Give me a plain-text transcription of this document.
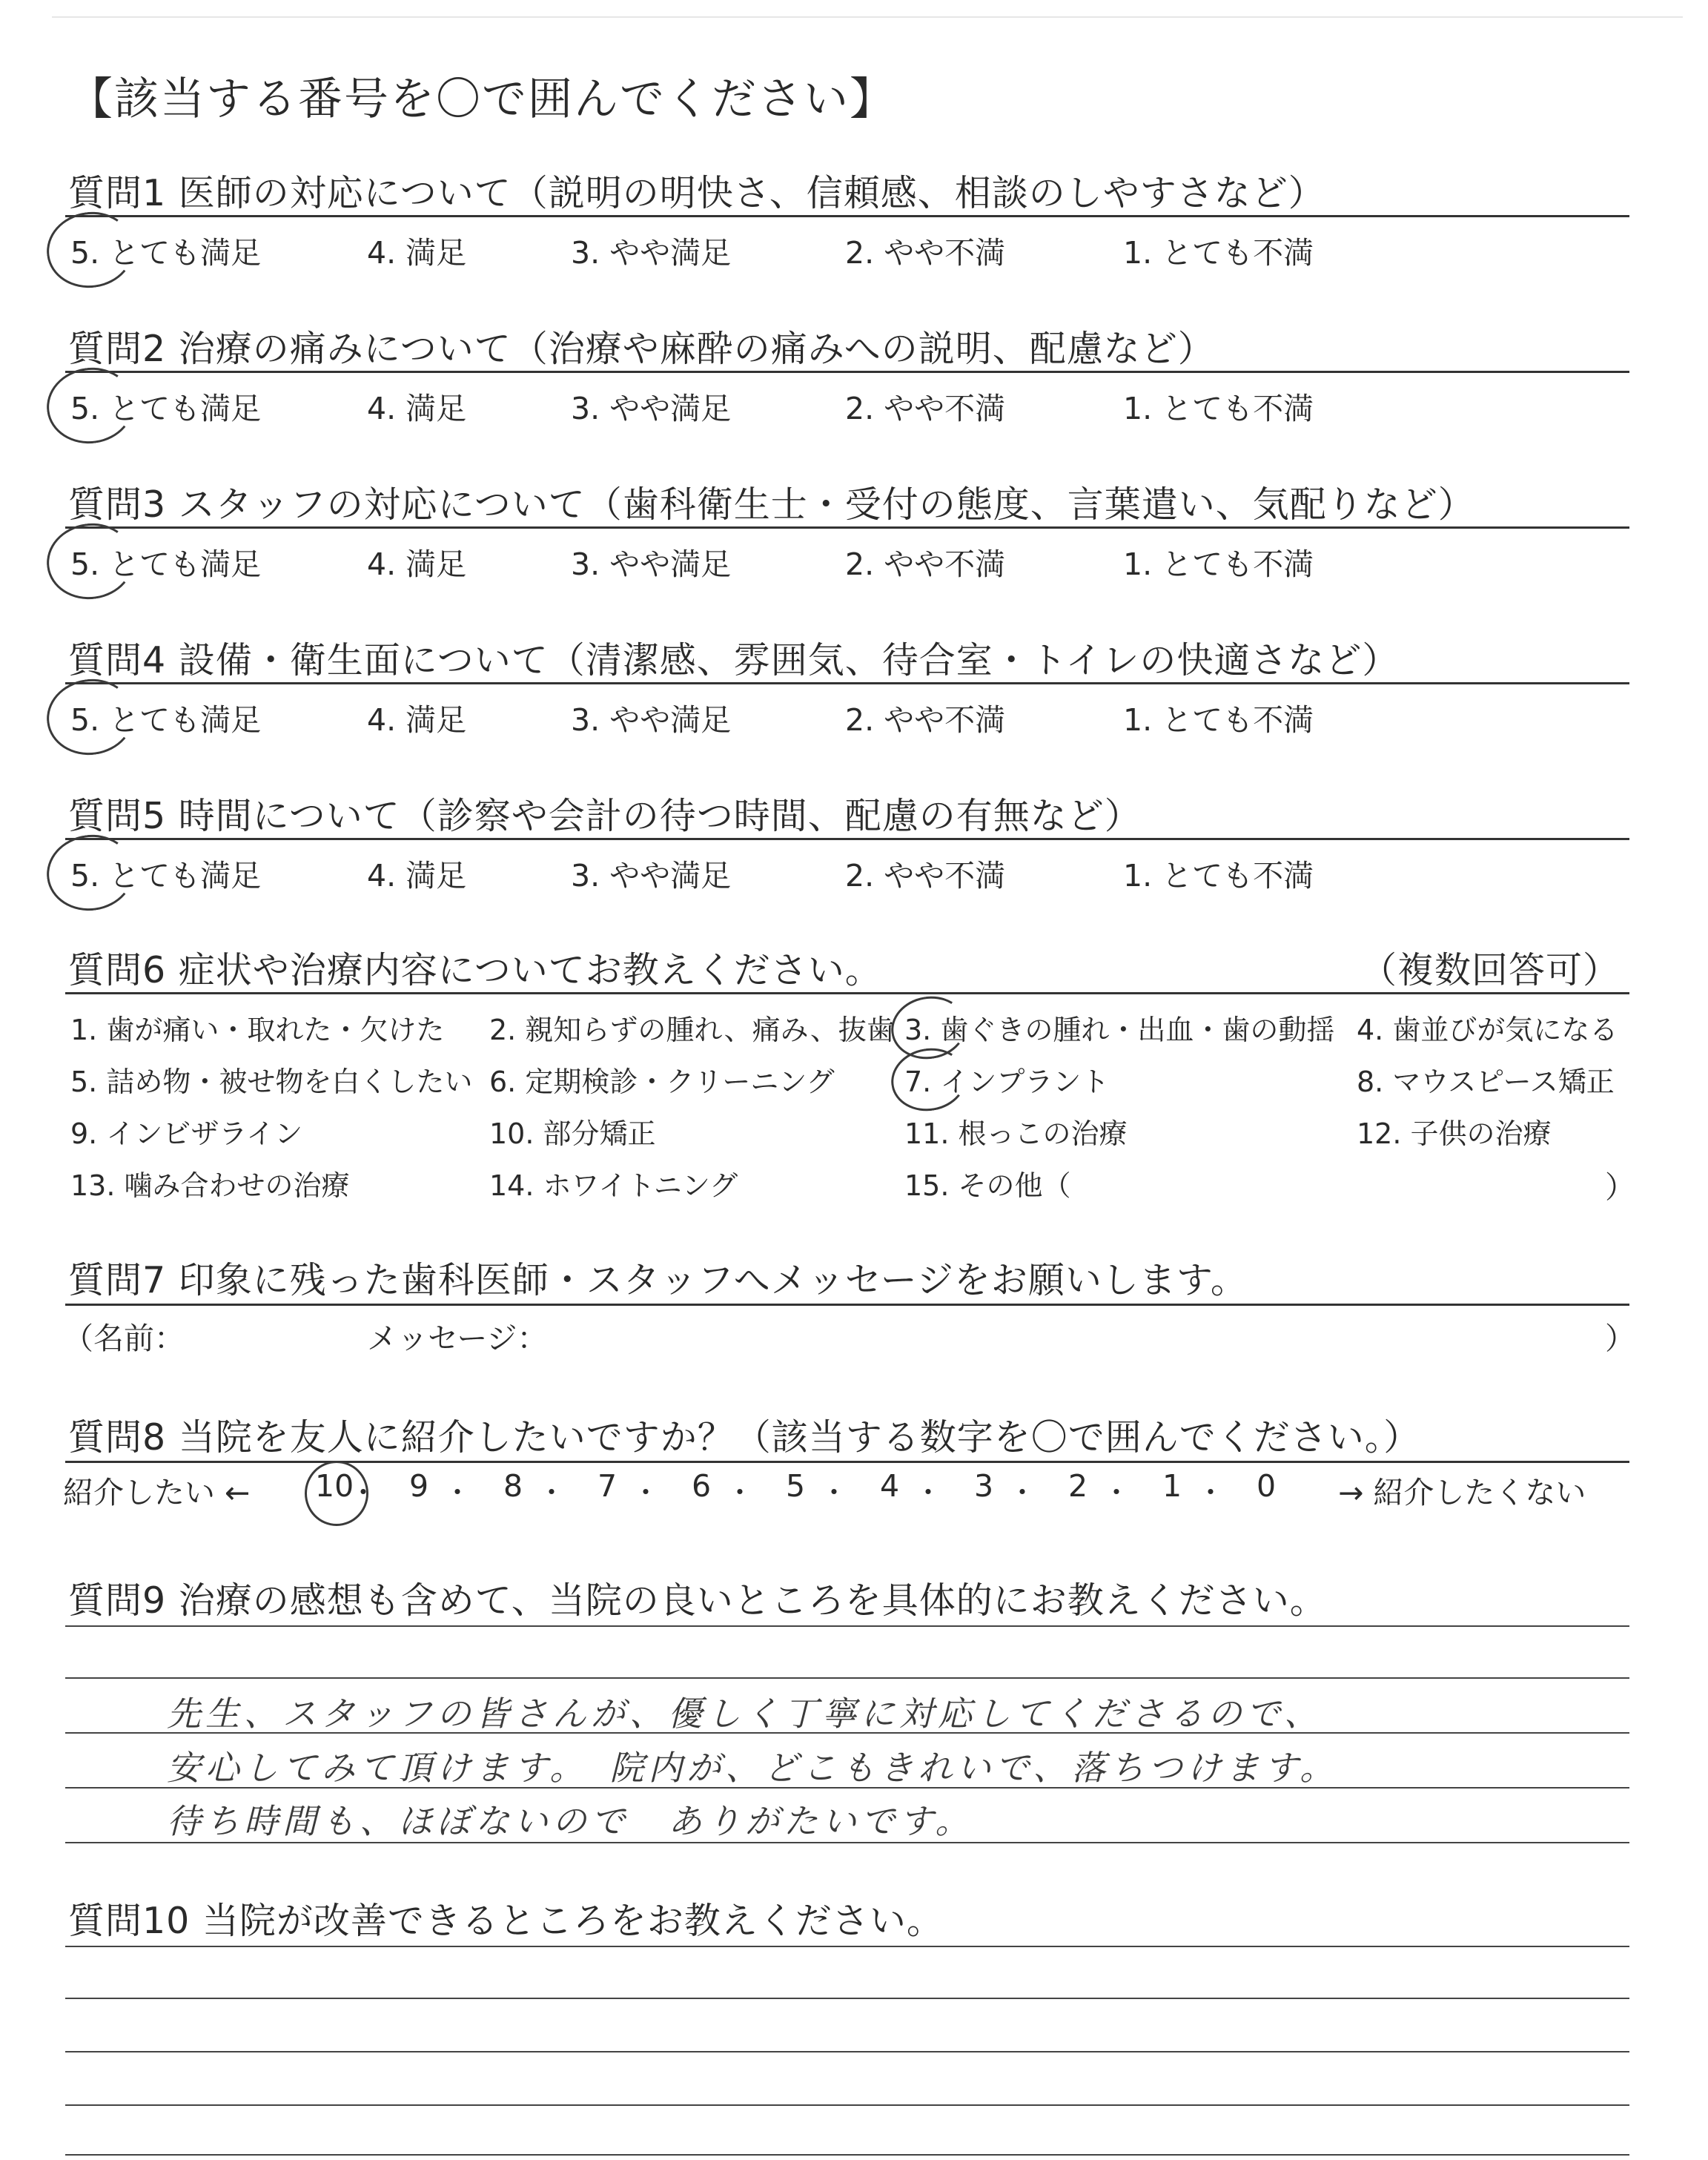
【該当する番号を〇で囲んでください】
質問1 医師の対応について（説明の明快さ、信頼感、相談のしやすさなど）
5. とても満足	4. 満足	3. やや満足	2. やや不満	1. とても不満
質問2 治療の痛みについて（治療や麻酔の痛みへの説明、配慮など）
5. とても満足	4. 満足	3. やや満足	2. やや不満	1. とても不満
質問3 スタッフの対応について（歯科衛生士・受付の態度、言葉遣い、気配りなど）
5. とても満足	4. 満足	3. やや満足	2. やや不満	1. とても不満
質問4 設備・衛生面について（清潔感、雰囲気、待合室・トイレの快適さなど）
5. とても満足	4. 満足	3. やや満足	2. やや不満	1. とても不満
質問5 時間について（診察や会計の待つ時間、配慮の有無など）
5. とても満足	4. 満足	3. やや満足	2. やや不満	1. とても不満
質問6 症状や治療内容についてお教えください。	（複数回答可）
1. 歯が痛い・取れた・欠けた 2. 親知らずの腫れ、痛み、抜歯 3. 歯ぐきの腫れ・出血・歯の動揺 4. 歯並びが気になる
5. 詰め物・被せ物を白くしたい 6. 定期検診・クリーニング 7. インプラント	8. マウスピース矯正
9. インビザライン	10. 部分矯正	11. 根っこの治療	12. 子供の治療
13. 噛み合わせの治療	14. ホワイトニング	15. その他（	）
質問7 印象に残った歯科医師・スタッフへメッセージをお願いします。
（名前：	メッセージ：	）
質問8 当院を友人に紹介したいですか？（該当する数字を〇で囲んでください。）
紹介したい ← 10
・ 9 ・ 8 ・ 7 ・ 6 ・ 5 ・ 4 ・ 3 ・ 2 ・ 1 ・ 0 → 紹介したくない
質問9 治療の感想も含めて、当院の良いところを具体的にお教えください。
先生、スタッフの皆さんが、優しく丁寧に対応してくださるので、
安心してみて頂けます。　院内が、どこもきれいで、落ちつけます。
待ち時間も、ほぼないので　ありがたいです。
質問10 当院が改善できるところをお教えください。
